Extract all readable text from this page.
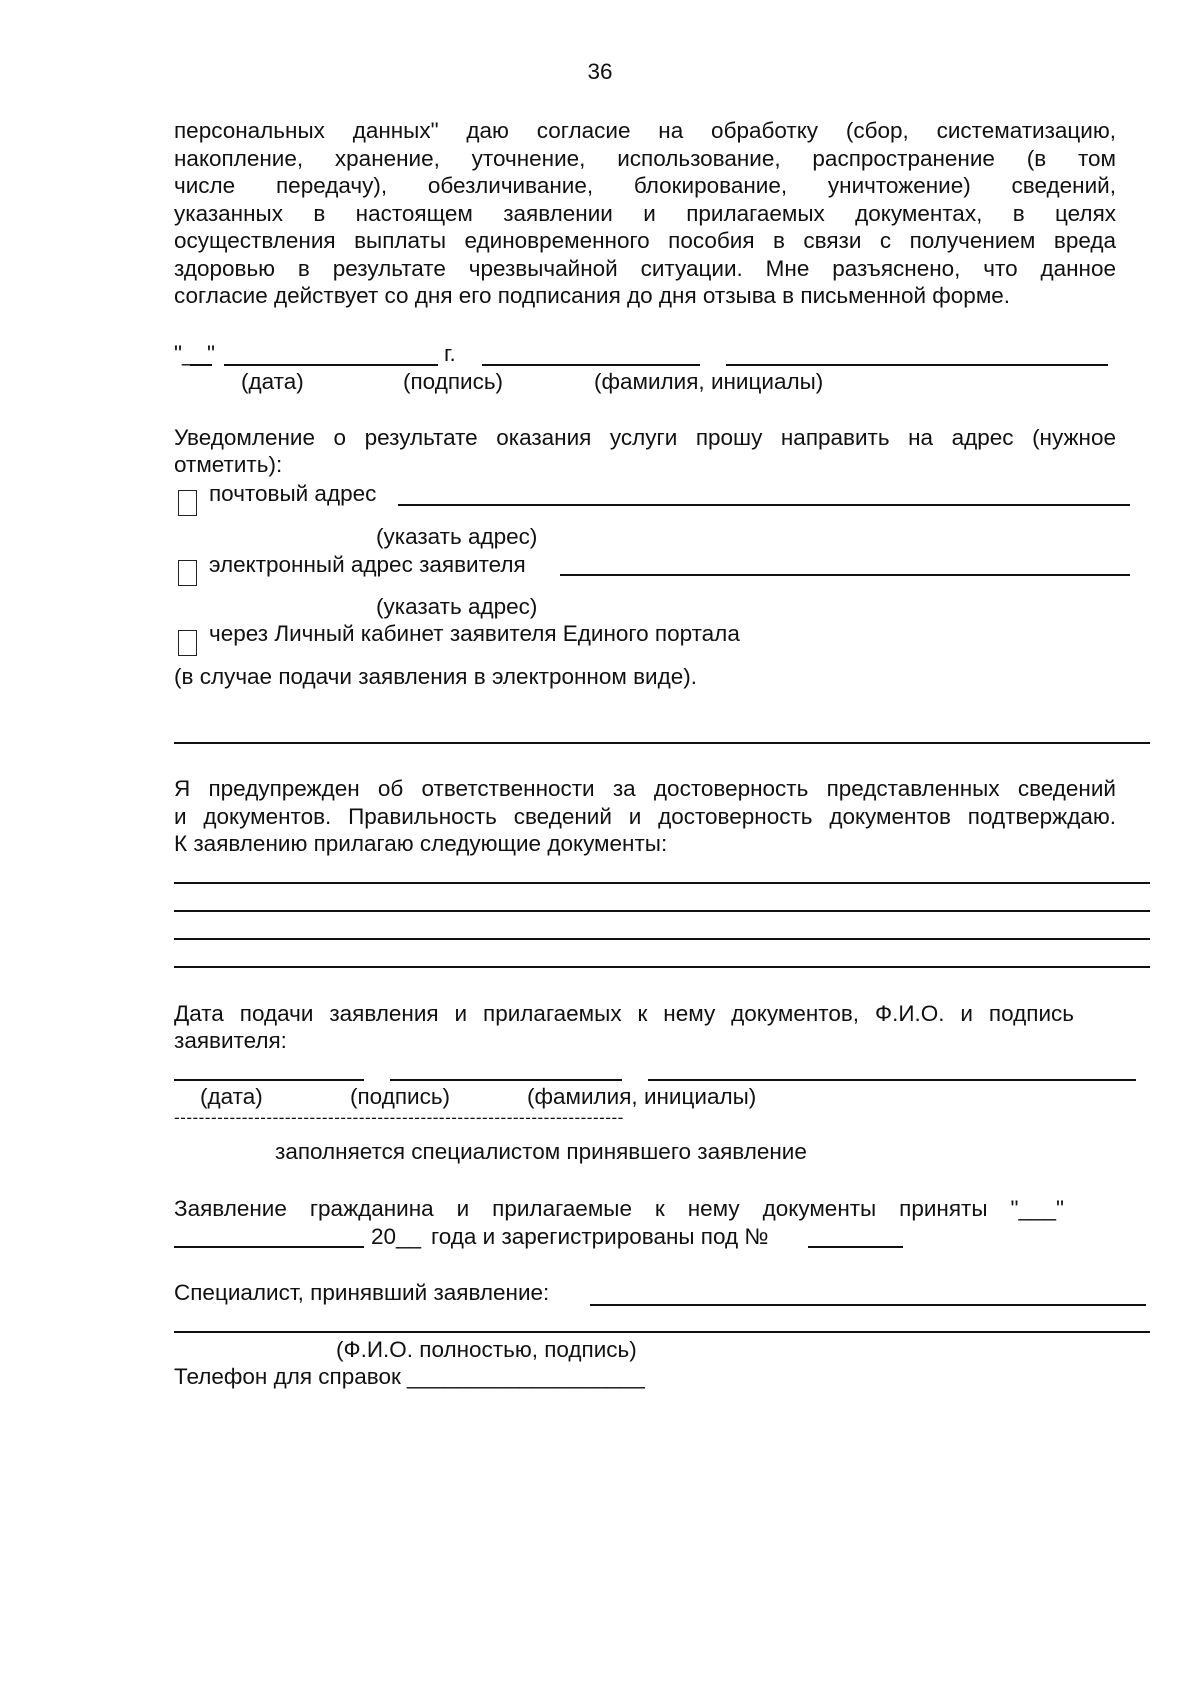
36
персональных данных" даю согласие на обработку (сбор, систематизацию,
накопление, хранение, уточнение, использование, распространение (в том
числе передачу), обезличивание, блокирование, уничтожение) сведений,
указанных в настоящем заявлении и прилагаемых документах, в целях
осуществления выплаты единовременного пособия в связи с получением вреда
здоровью в результате чрезвычайной ситуации. Мне разъяснено, что данное
согласие действует со дня его подписания до дня отзыва в письменной форме.
"__"	г.
(дата)	(подпись)	(фамилия, инициалы)
Уведомление о результате оказания услуги прошу направить на адрес (нужное
отметить):
почтовый адрес
(указать адрес)
электронный адрес заявителя
(указать адрес)
через Личный кабинет заявителя Единого портала
(в случае подачи заявления в электронном виде).
Я предупрежден об ответственности за достоверность представленных сведений
и документов. Правильность сведений и достоверность документов подтверждаю.
К заявлению прилагаю следующие документы:
Дата подачи заявления и прилагаемых к нему документов, Ф.И.О. и подпись
заявителя:
(дата)	(подпись)	(фамилия, инициалы)
-------------------------------------------------------------------------
заполняется специалистом принявшего заявление
Заявление гражданина и прилагаемые к нему документы приняты "___"
20__ года и зарегистрированы под №
Специалист, принявший заявление:
(Ф.И.О. полностью, подпись)
Телефон для справок ___________________
